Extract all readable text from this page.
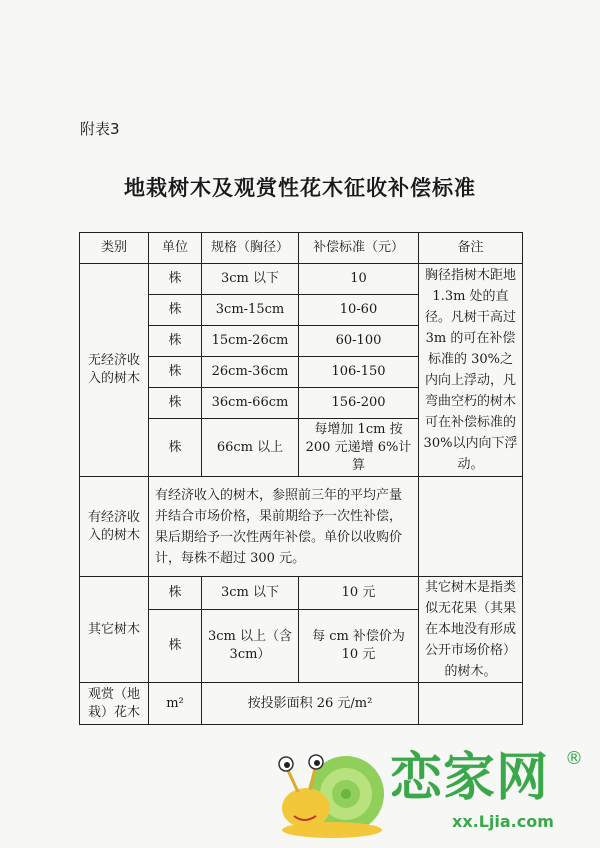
附表3
地栽树木及观赏性花木征收补偿标准
类别	单位	规格（胸径）	补偿标准（元）	备注
无经济收入的树木	株	3cm 以下	10	胸径指树木距地 1.3m 处的直径。凡树干高过 3m 的可在补偿标准的 30%之内向上浮动，凡弯曲空朽的树木可在补偿标准的 30%以内向下浮动。
	株	3cm-15cm	10-60	
	株	15cm-26cm	60-100	
	株	26cm-36cm	106-150	
	株	36cm-66cm	156-200	
	株	66cm 以上	每增加 1cm 按 200 元递增 6%计算	
有经济收入的树木	有经济收入的树木，参照前三年的平均产量并结合市场价格，果前期给予一次性补偿，果后期给予一次性两年补偿。单价以收购价计，每株不超过 300 元。			
其它树木	株	3cm 以下	10 元	其它树木是指类似无花果（其果在本地没有形成公开市场价格）的树木。
	株	3cm 以上（含 3cm）	每 cm 补偿价为 10 元	
观赏（地栽）花木	m²	按投影面积 26 元/m²		
恋家网 ®
xx.Ljia.com
